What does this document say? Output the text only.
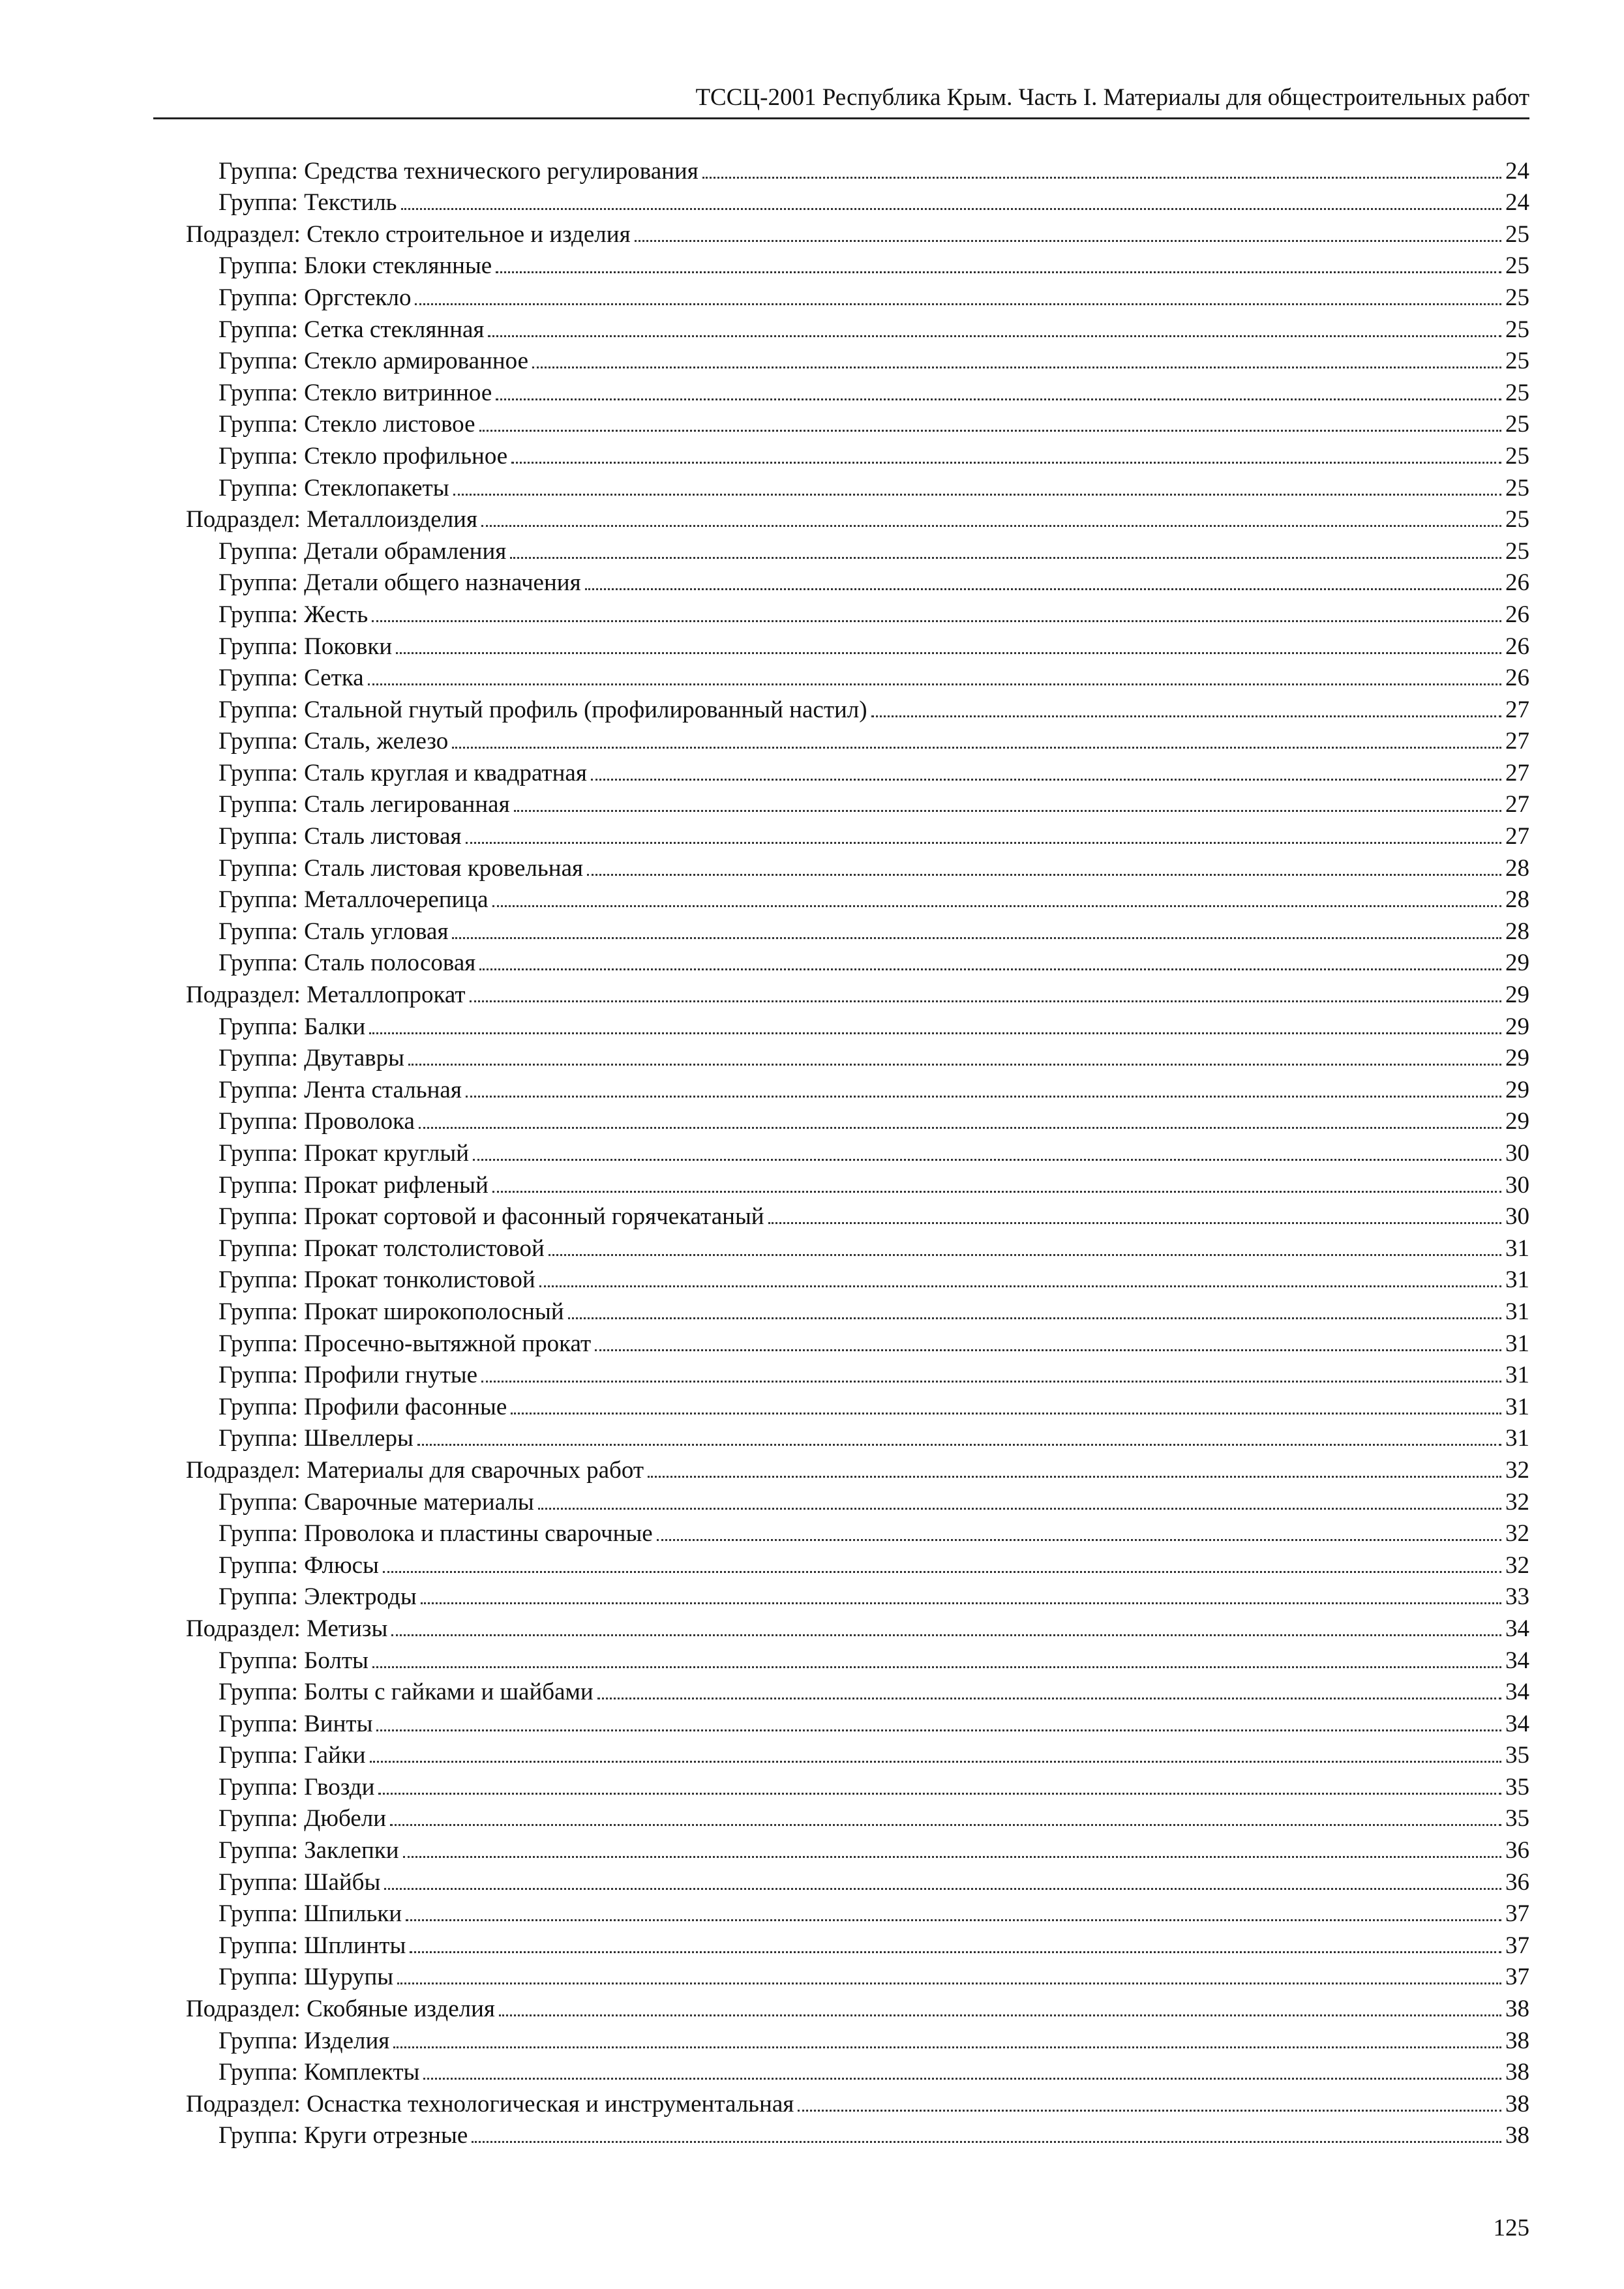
ТССЦ-2001 Республика Крым. Часть I. Материалы для общестроительных работ
Группа: Средства технического регулирования	24
Группа: Текстиль	24
Подраздел: Стекло строительное и изделия	25
Группа: Блоки стеклянные	25
Группа: Оргстекло	25
Группа: Сетка стеклянная	25
Группа: Стекло армированное	25
Группа: Стекло витринное	25
Группа: Стекло листовое	25
Группа: Стекло профильное	25
Группа: Стеклопакеты	25
Подраздел: Металлоизделия	25
Группа: Детали обрамления	25
Группа: Детали общего назначения	26
Группа: Жесть	26
Группа: Поковки	26
Группа: Сетка	26
Группа: Стальной гнутый профиль (профилированный настил)	27
Группа: Сталь, железо	27
Группа: Сталь круглая и квадратная	27
Группа: Сталь легированная	27
Группа: Сталь листовая	27
Группа: Сталь листовая кровельная	28
Группа: Металлочерепица	28
Группа: Сталь угловая	28
Группа: Сталь полосовая	29
Подраздел: Металлопрокат	29
Группа: Балки	29
Группа: Двутавры	29
Группа: Лента стальная	29
Группа: Проволока	29
Группа: Прокат круглый	30
Группа: Прокат рифленый	30
Группа: Прокат сортовой и фасонный горячекатаный	30
Группа: Прокат толстолистовой	31
Группа: Прокат тонколистовой	31
Группа: Прокат широкополосный	31
Группа: Просечно-вытяжной прокат	31
Группа: Профили гнутые	31
Группа: Профили фасонные	31
Группа: Швеллеры	31
Подраздел: Материалы для сварочных работ	32
Группа: Сварочные материалы	32
Группа: Проволока и пластины сварочные	32
Группа: Флюсы	32
Группа: Электроды	33
Подраздел: Метизы	34
Группа: Болты	34
Группа: Болты с гайками и шайбами	34
Группа: Винты	34
Группа: Гайки	35
Группа: Гвозди	35
Группа: Дюбели	35
Группа: Заклепки	36
Группа: Шайбы	36
Группа: Шпильки	37
Группа: Шплинты	37
Группа: Шурупы	37
Подраздел: Скобяные изделия	38
Группа: Изделия	38
Группа: Комплекты	38
Подраздел: Оснастка технологическая и инструментальная	38
Группа: Круги отрезные	38
125
